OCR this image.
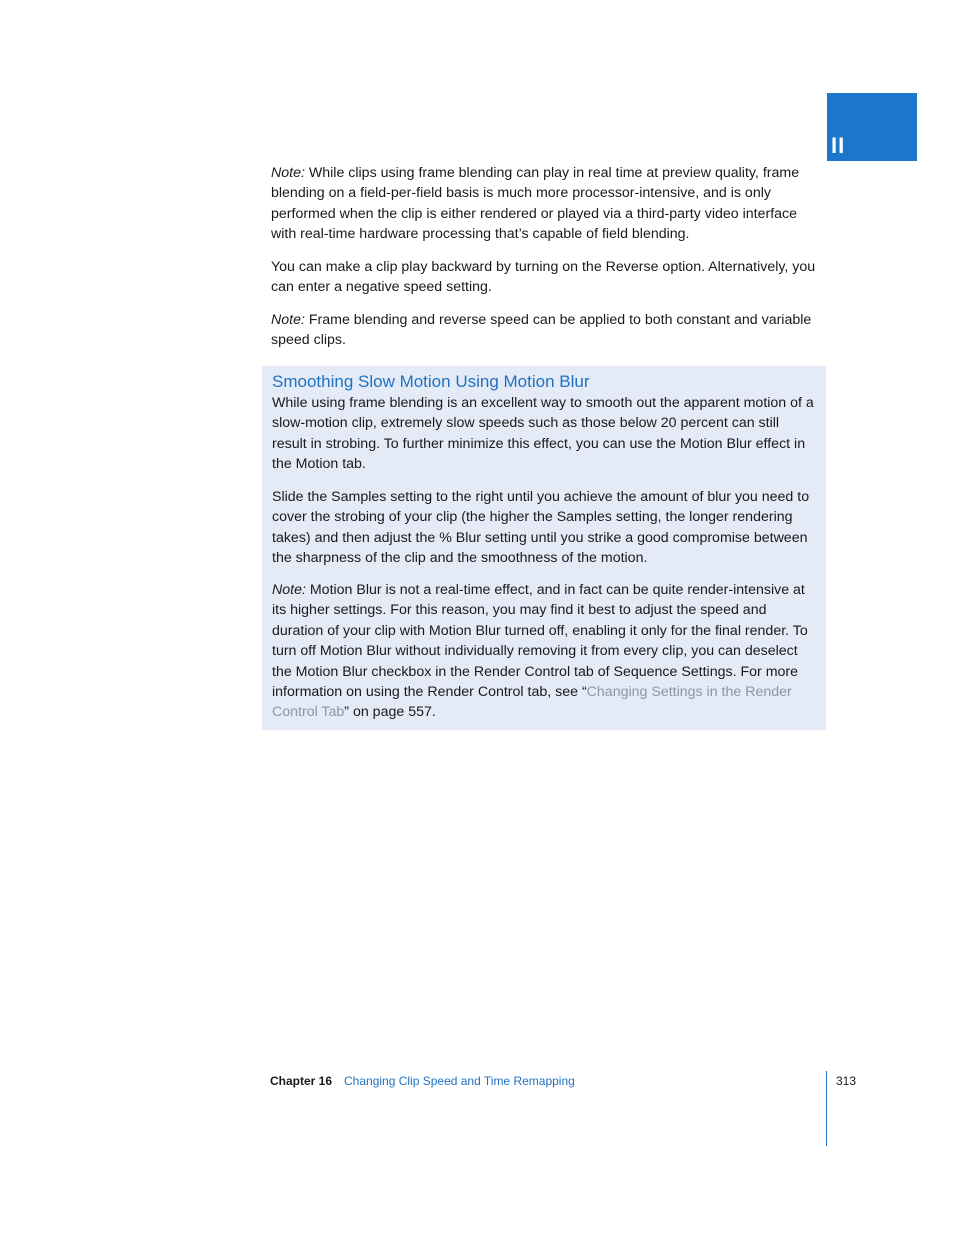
II

Note: While clips using frame blending can play in real time at preview quality, frame blending on a field-per-field basis is much more processor-intensive, and is only performed when the clip is either rendered or played via a third-party video interface with real-time hardware processing that’s capable of field blending.

You can make a clip play backward by turning on the Reverse option. Alternatively, you can enter a negative speed setting.

Note: Frame blending and reverse speed can be applied to both constant and variable speed clips.

Smoothing Slow Motion Using Motion Blur

While using frame blending is an excellent way to smooth out the apparent motion of a slow-motion clip, extremely slow speeds such as those below 20 percent can still result in strobing. To further minimize this effect, you can use the Motion Blur effect in the Motion tab.

Slide the Samples setting to the right until you achieve the amount of blur you need to cover the strobing of your clip (the higher the Samples setting, the longer rendering takes) and then adjust the % Blur setting until you strike a good compromise between the sharpness of the clip and the smoothness of the motion.

Note: Motion Blur is not a real-time effect, and in fact can be quite render-intensive at its higher settings. For this reason, you may find it best to adjust the speed and duration of your clip with Motion Blur turned off, enabling it only for the final render. To turn off Motion Blur without individually removing it from every clip, you can deselect the Motion Blur checkbox in the Render Control tab of Sequence Settings. For more information on using the Render Control tab, see “Changing Settings in the Render Control Tab” on page 557.

Chapter 16 Changing Clip Speed and Time Remapping	313
